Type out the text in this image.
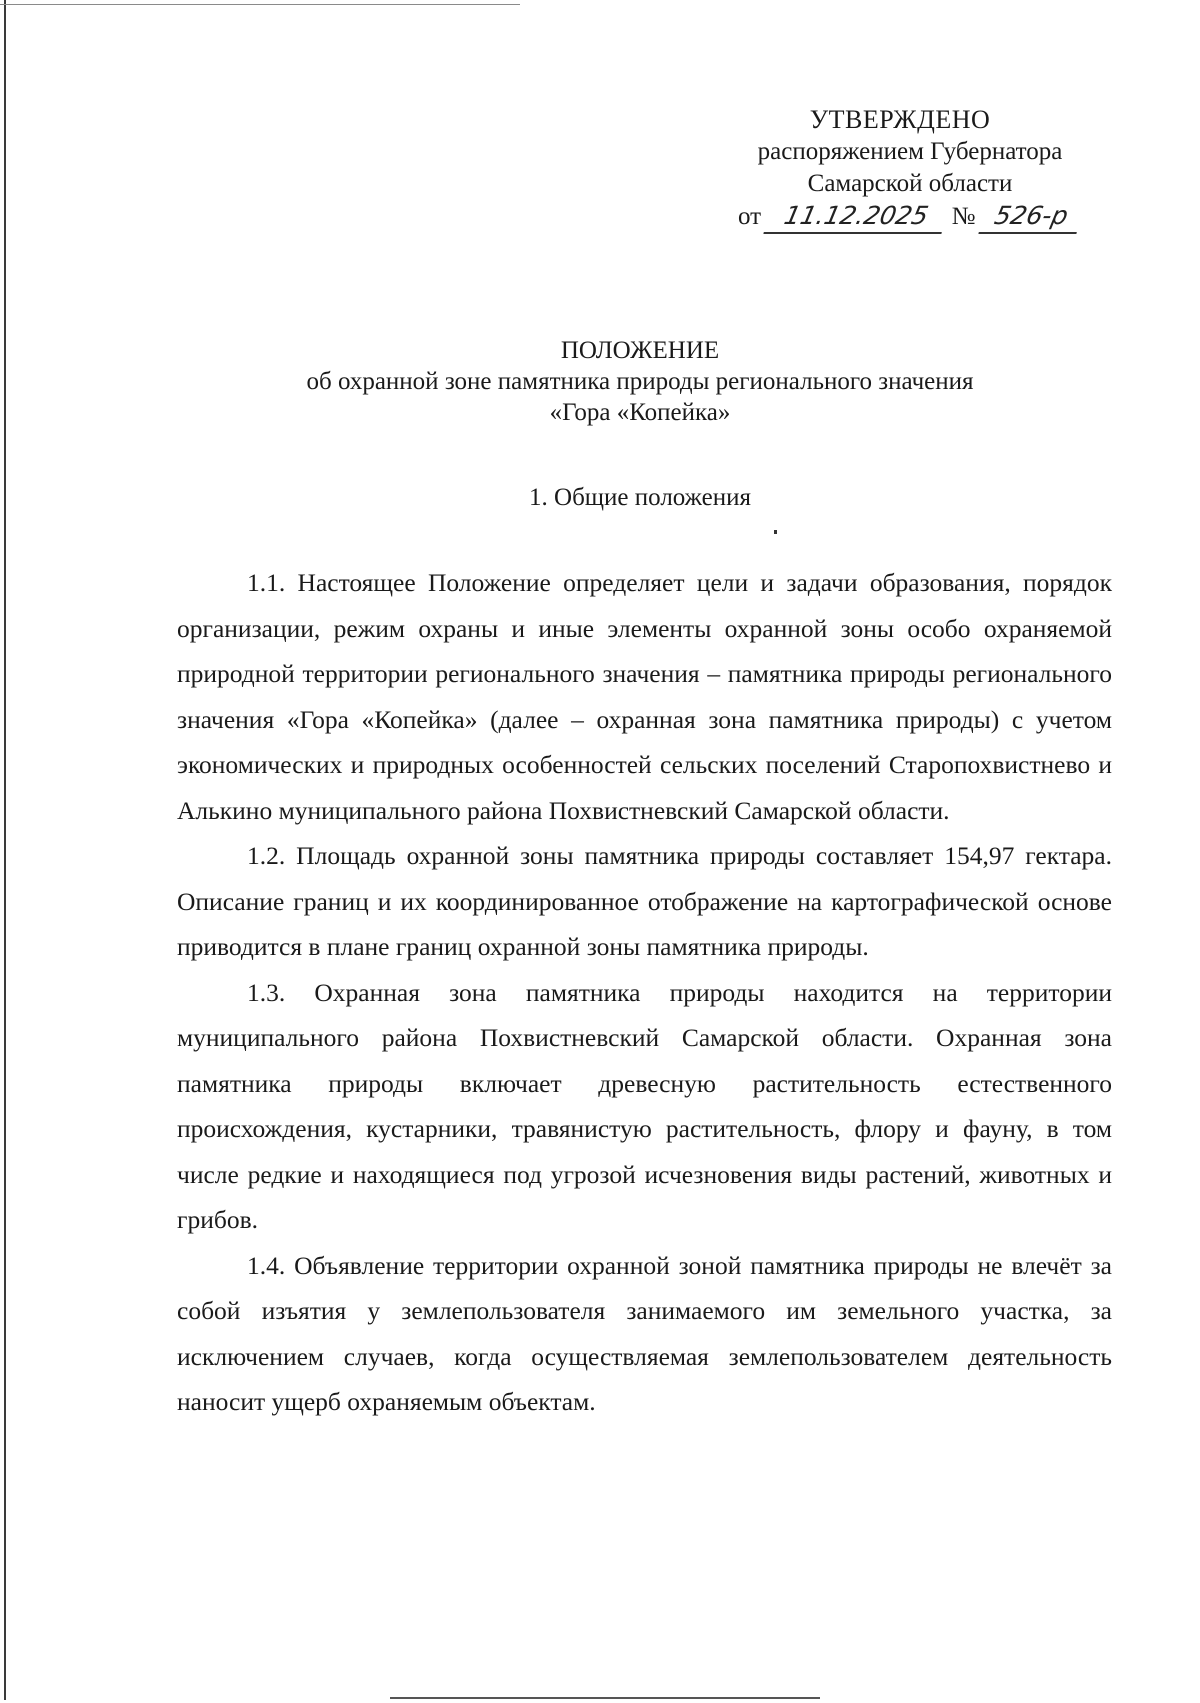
УТВЕРЖДЕНО
распоряжением Губернатора
Самарской области
от 11.12.2025 № 526-р
ПОЛОЖЕНИЕ
об охранной зоне памятника природы регионального значения
«Гора «Копейка»
1. Общие положения

1.1. Настоящее Положение определяет цели и задачи образования, порядок организации, режим охраны и иные элементы охранной зоны особо охраняемой природной территории регионального значения – памятника природы регионального значения «Гора «Копейка» (далее – охранная зона памятника природы) с учетом экономических и природных особенностей сельских поселений Старопохвистнево и Алькино муниципального района Похвистневский Самарской области.

1.2. Площадь охранной зоны памятника природы составляет 154,97 гектара. Описание границ и их координированное отображение на картографической основе приводится в плане границ охранной зоны памятника природы.

1.3. Охранная зона памятника природы находится на территории муниципального района Похвистневский Самарской области. Охранная зона памятника природы включает древесную растительность естественного происхождения, кустарники, травянистую растительность, флору и фауну, в том числе редкие и находящиеся под угрозой исчезновения виды растений, животных и грибов.

1.4. Объявление территории охранной зоной памятника природы не влечёт за собой изъятия у землепользователя занимаемого им земельного участка, за исключением случаев, когда осуществляемая землепользователем деятельность наносит ущерб охраняемым объектам.
